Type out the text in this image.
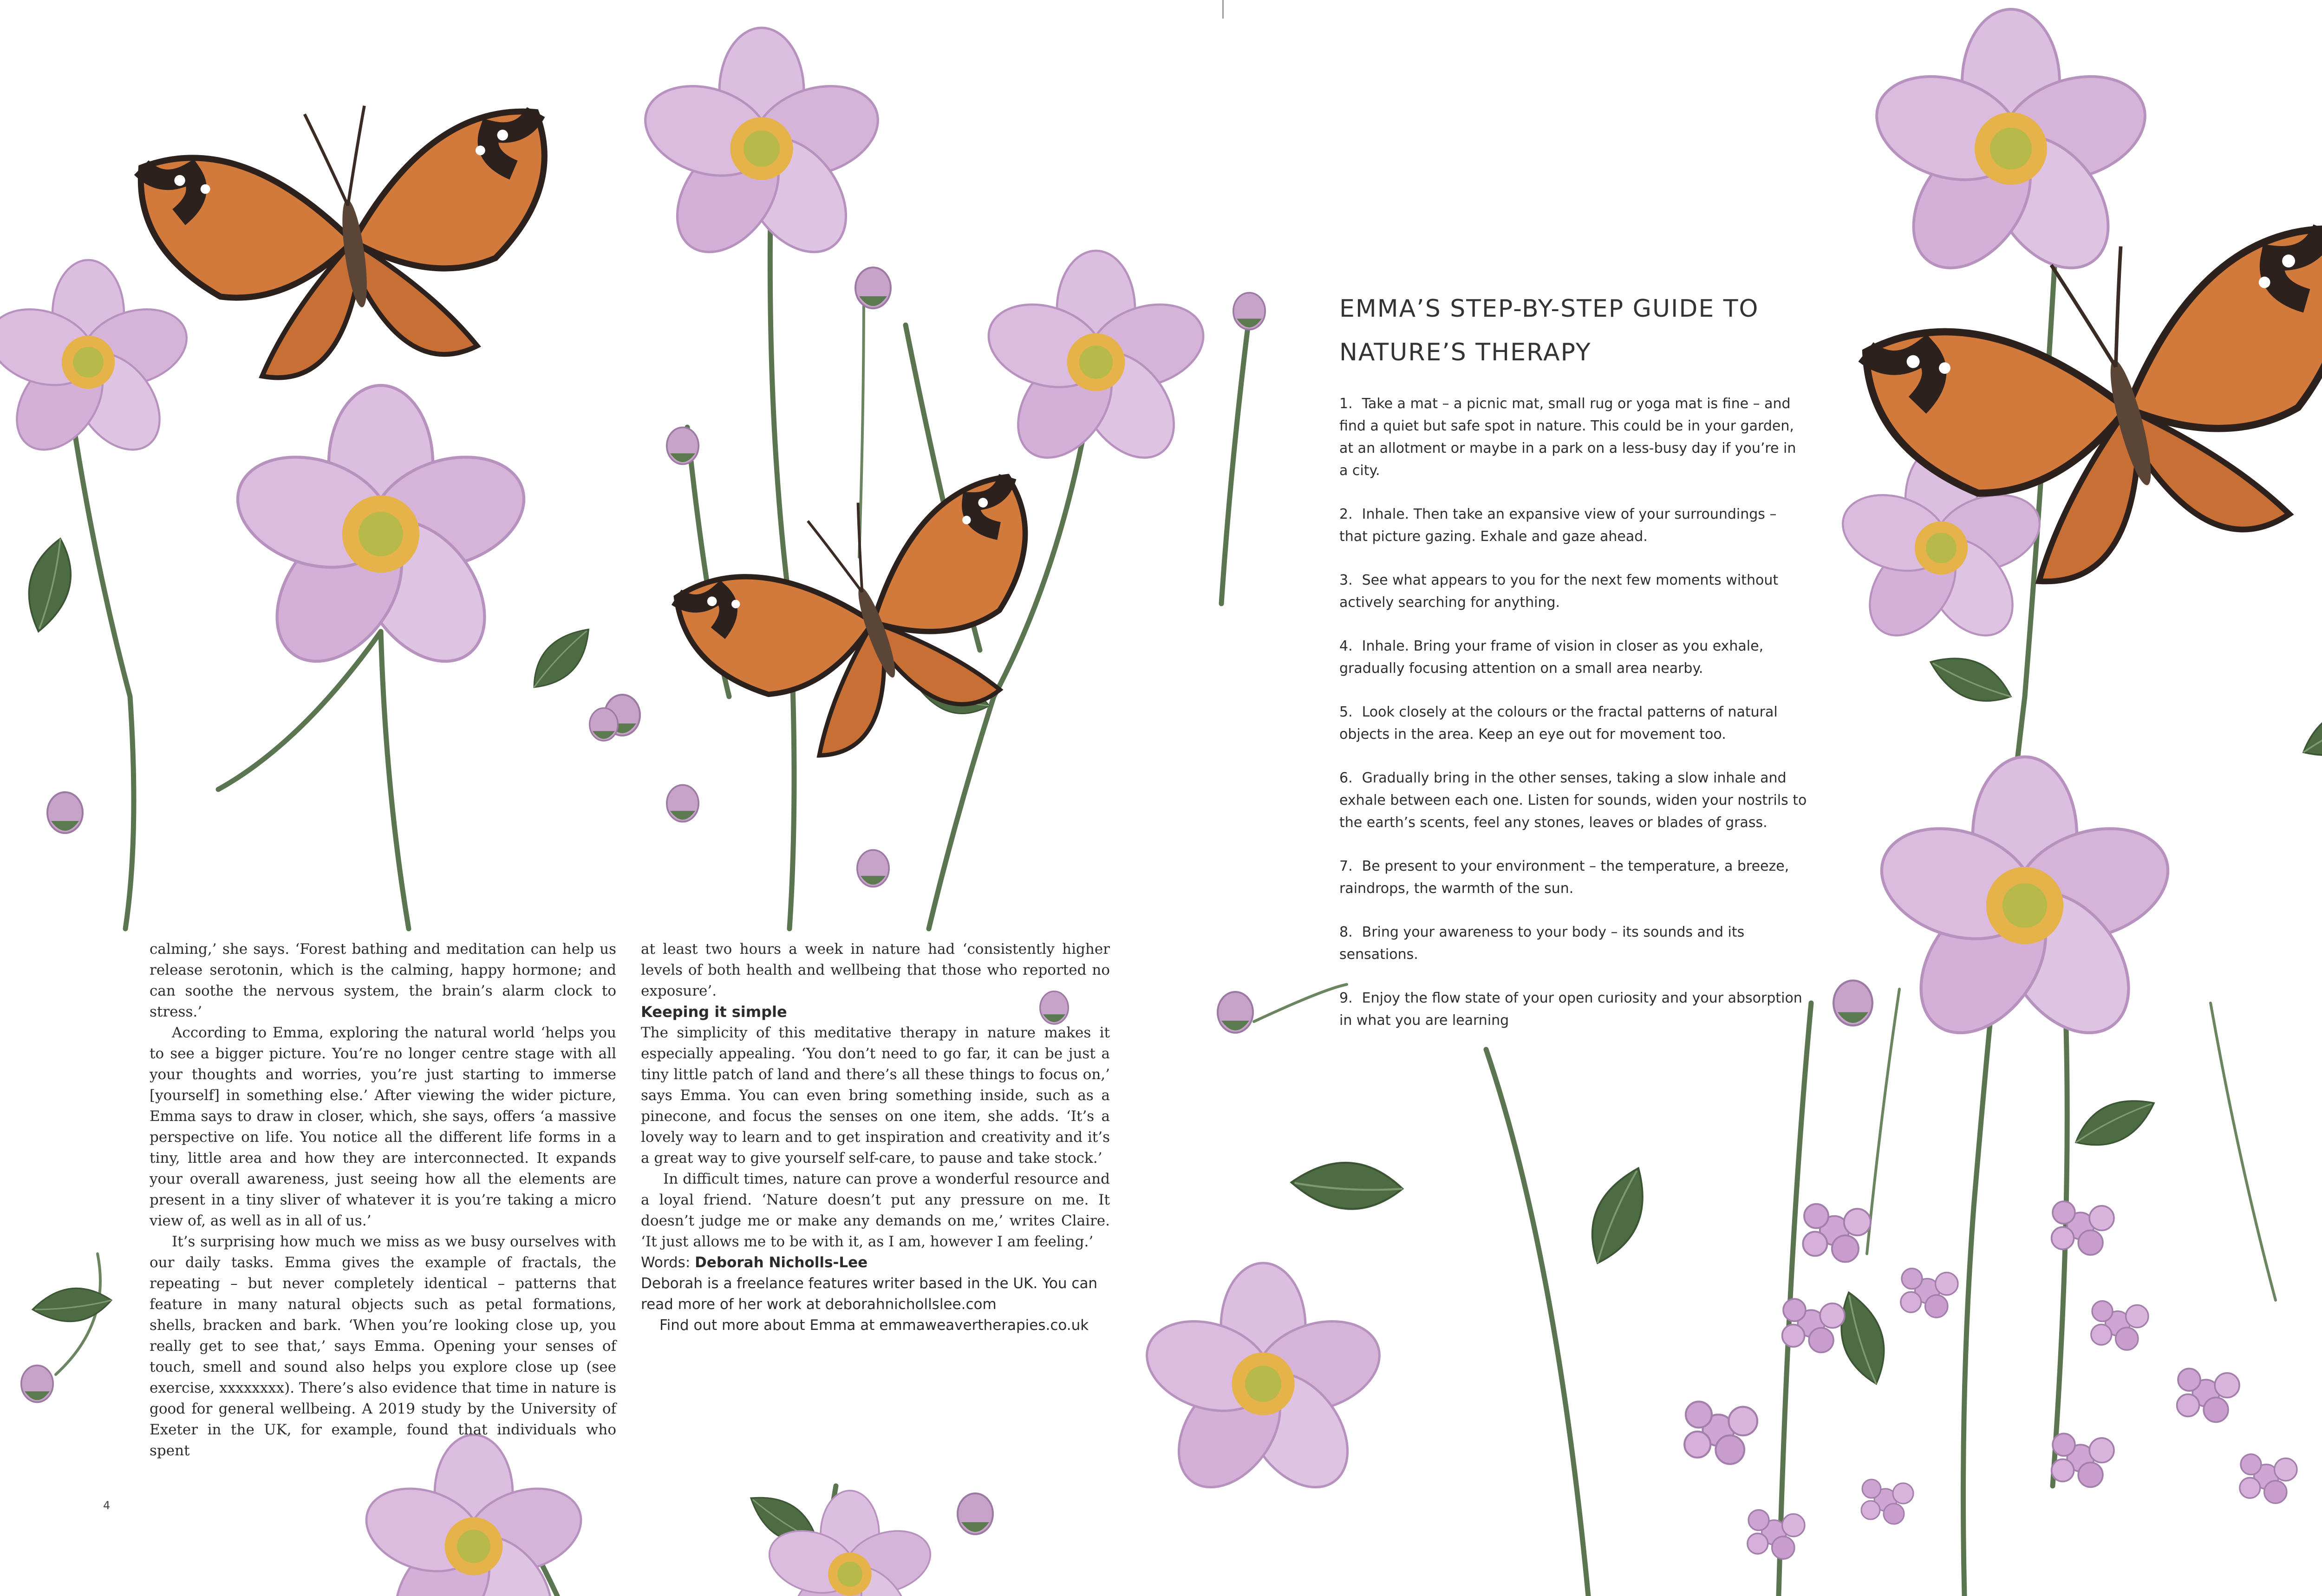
calming,’ she says. ‘Forest bathing and meditation can help us release serotonin, which is the calming, happy hormone; and can soothe the nervous system, the brain’s alarm clock to stress.’

According to Emma, exploring the natural world ‘helps you to see a bigger picture. You’re no longer centre stage with all your thoughts and worries, you’re just starting to immerse [yourself] in something else.’ After viewing the wider picture, Emma says to draw in closer, which, she says, offers ‘a massive perspective on life. You notice all the different life forms in a tiny, little area and how they are interconnected. It expands your overall awareness, just seeing how all the elements are present in a tiny sliver of whatever it is you’re taking a micro view of, as well as in all of us.’

It’s surprising how much we miss as we busy ourselves with our daily tasks. Emma gives the example of fractals, the repeating – but never completely identical – patterns that feature in many natural objects such as petal formations, shells, bracken and bark. ‘When you’re looking close up, you really get to see that,’ says Emma. Opening your senses of touch, smell and sound also helps you explore close up (see exercise, xxxxxxxx). There’s also evidence that time in nature is good for general wellbeing. A 2019 study by the University of Exeter in the UK, for example, found that individuals who spent

at least two hours a week in nature had ‘consistently higher levels of both health and wellbeing that those who reported no exposure’.

Keeping it simple

The simplicity of this meditative therapy in nature makes it especially appealing. ‘You don’t need to go far, it can be just a tiny little patch of land and there’s all these things to focus on,’ says Emma. You can even bring something inside, such as a pinecone, and focus the senses on one item, she adds. ‘It’s a lovely way to learn and to get inspiration and creativity and it’s a great way to give yourself self-care, to pause and take stock.’

In difficult times, nature can prove a wonderful resource and a loyal friend. ‘Nature doesn’t put any pressure on me. It doesn’t judge me or make any demands on me,’ writes Claire. ‘It just allows me to be with it, as I am, however I am feeling.’

Words: Deborah Nicholls-Lee

Deborah is a freelance features writer based in the UK. You can read more of her work at deborahnichollslee.com

Find out more about Emma at emmaweavertherapies.co.uk

4
EMMA’S STEP-BY-STEP GUIDE TO
NATURE’S THERAPY
1. Take a mat – a picnic mat, small rug or yoga mat is fine – and find a quiet but safe spot in nature. This could be in your garden, at an allotment or maybe in a park on a less-busy day if you’re in a city.
2. Inhale. Then take an expansive view of your surroundings – that picture gazing. Exhale and gaze ahead.
3. See what appears to you for the next few moments without actively searching for anything.
4. Inhale. Bring your frame of vision in closer as you exhale, gradually focusing attention on a small area nearby.
5. Look closely at the colours or the fractal patterns of natural objects in the area. Keep an eye out for movement too.
6. Gradually bring in the other senses, taking a slow inhale and exhale between each one. Listen for sounds, widen your nostrils to the earth’s scents, feel any stones, leaves or blades of grass.
7. Be present to your environment – the temperature, a breeze, raindrops, the warmth of the sun.
8. Bring your awareness to your body – its sounds and its sensations.
9. Enjoy the flow state of your open curiosity and your absorption in what you are learning
